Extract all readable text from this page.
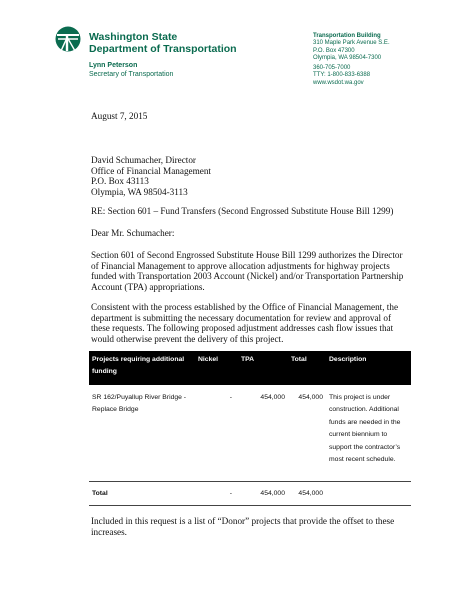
Washington State
Department of Transportation
Lynn Peterson
Secretary of Transportation
Transportation Building
310 Maple Park Avenue S.E.
P.O. Box 47300
Olympia, WA 98504-7300
360-705-7000
TTY: 1-800-833-6388
www.wsdot.wa.gov
August 7, 2015
David Schumacher, Director
Office of Financial Management
P.O. Box 43113
Olympia, WA 98504-3113
RE: Section 601 – Fund Transfers (Second Engrossed Substitute House Bill 1299)
Dear Mr. Schumacher:
Section 601 of Second Engrossed Substitute House Bill 1299 authorizes the Director of Financial Management to approve allocation adjustments for highway projects funded with Transportation 2003 Account (Nickel) and/or Transportation Partnership Account (TPA) appropriations.
Consistent with the process established by the Office of Financial Management, the department is submitting the necessary documentation for review and approval of these requests. The following proposed adjustment addresses cash flow issues that would otherwise prevent the delivery of this project.
Projects requiring additional funding	Nickel	TPA	Total	Description
SR 162/Puyallup River Bridge - Replace Bridge	-	454,000	454,000	This project is under construction. Additional funds are needed in the current biennium to support the contractor’s most recent schedule.

Total	-	454,000	454,000	
Included in this request is a list of “Donor” projects that provide the offset to these increases.
